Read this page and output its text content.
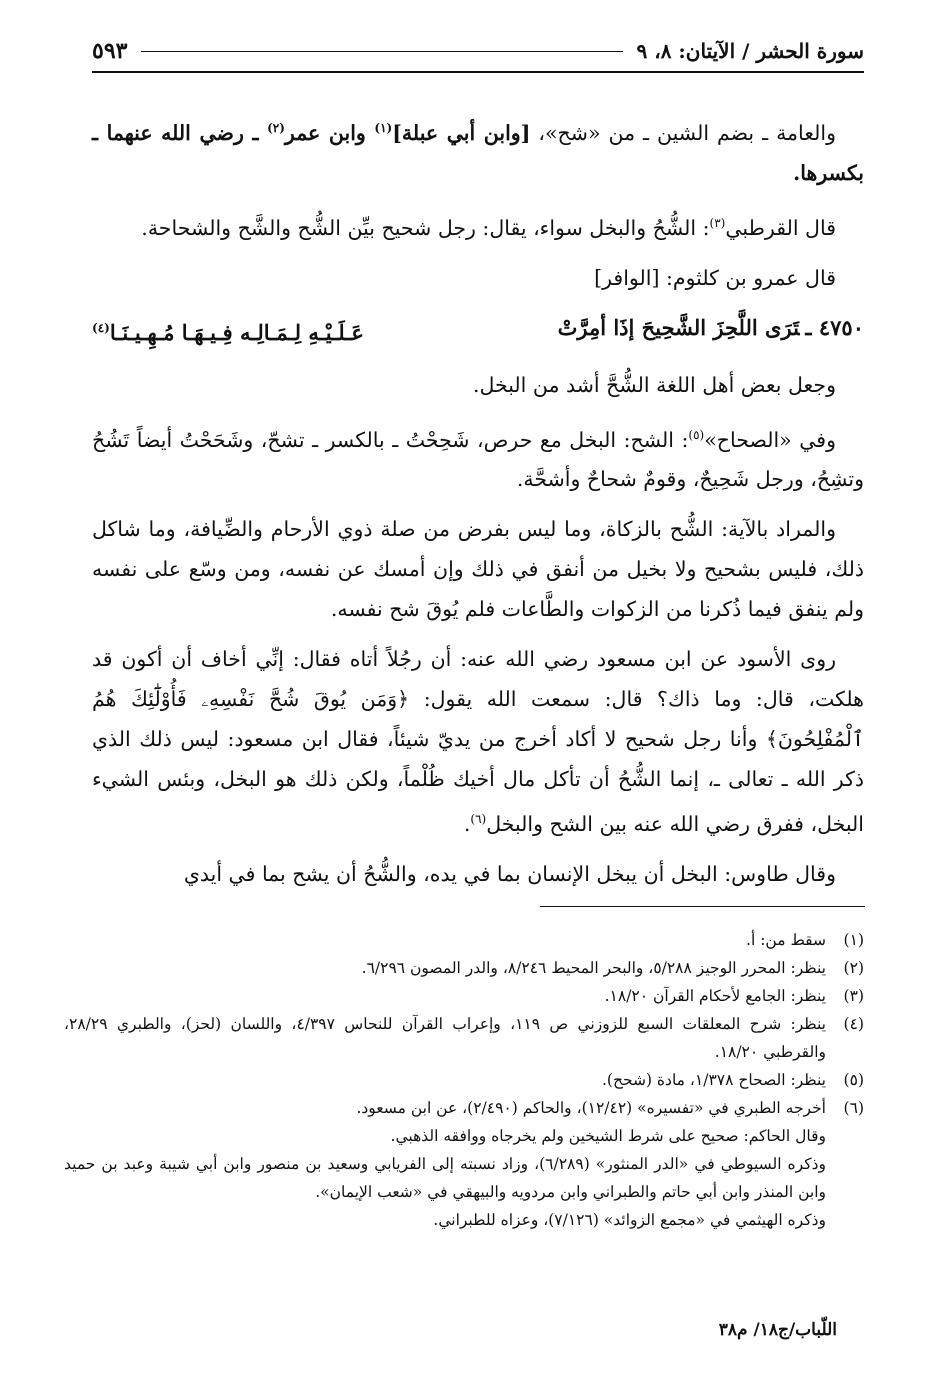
سورة الحشر / الآيتان: ٨، ٩
٥٩٣

والعامة ـ بضم الشين ـ من «شح»، [وابن أبي عبلة]$^{(١)}$ وابن عمر$^{(٢)}$ ـ رضي الله عنهما ـ بكسرها.

قال القرطبي$^{(٣)}$: الشُّحُ والبخل سواء، يقال: رجل شحيح بيِّن الشُّح والشَّح والشحاحة.

قال عمرو بن كلثوم: [الوافر]

٤٧٥٠ ـتَرَى اللَّحِزَ الشَّحِيحَ إذَا أمِرَّتْ
عَـلَـيْـهِ لِـمَـالِـه فِـيـهَـا مُـهِـيـنَـا$^{(٤)}$

وجعل بعض أهل اللغة الشُّحَّ أشد من البخل.

وفي «الصحاح»$^{(٥)}$: الشح: البخل مع حرص، شَحِحْتُ ـ بالكسر ـ تشحّ، وشَحَحْتُ أيضاً تَشُحُ وتشِحُ، ورجل شَحِيحٌ، وقومٌ شحاحٌ وأشحَّة.

والمراد بالآية: الشُّح بالزكاة، وما ليس بفرض من صلة ذوي الأرحام والضِّيافة، وما شاكل ذلك، فليس بشحيح ولا بخيل من أنفق في ذلك وإن أمسك عن نفسه، ومن وسّع على نفسه ولم ينفق فيما ذُكرنا من الزكوات والطَّاعات فلم يُوقَ شح نفسه.

روى الأسود عن ابن مسعود رضي الله عنه: أن رجُلاً أتاه فقال: إنِّي أخاف أن أكون قد هلكت، قال: وما ذاك؟ قال: سمعت الله يقول: ﴿وَمَن يُوقَ شُحَّ نَفْسِهِۦ فَأُوْلَٰٓئِكَ هُمُ ٱلْمُفْلِحُونَ﴾ وأنا رجل شحيح لا أكاد أخرج من يديّ شيئاً، فقال ابن مسعود: ليس ذلك الذي ذكر الله ـ تعالى ـ، إنما الشُّحُ أن تأكل مال أخيك ظُلْماً، ولكن ذلك هو البخل، وبئس الشيء البخل، ففرق رضي الله عنه بين الشح والبخل$^{(٦)}$.

وقال طاوس: البخل أن يبخل الإنسان بما في يده، والشُّحُ أن يشح بما في أيدي

(١)
سقط من: أ.
(٢)
ينظر: المحرر الوجيز ٥/٢٨٨، والبحر المحيط ٨/٢٤٦، والدر المصون ٦/٢٩٦.
(٣)
ينظر: الجامع لأحكام القرآن ١٨/٢٠.
(٤)
ينظر: شرح المعلقات السبع للزوزني ص ١١٩، وإعراب القرآن للنحاس ٤/٣٩٧، واللسان (لحز)، والطبري ٢٨/٢٩، والقرطبي ١٨/٢٠.
(٥)
ينظر: الصحاح ١/٣٧٨، مادة (شحح).
(٦)
أخرجه الطبري في «تفسيره» (١٢/٤٢)، والحاكم (٢/٤٩٠)، عن ابن مسعود.
وقال الحاكم: صحيح على شرط الشيخين ولم يخرجاه ووافقه الذهبي.
وذكره السيوطي في «الدر المنثور» (٦/٢٨٩)، وزاد نسبته إلى الفريابي وسعيد بن منصور وابن أبي شيبة وعبد بن حميد وابن المنذر وابن أبي حاتم والطبراني وابن مردويه والبيهقي في «شعب الإيمان».
وذكره الهيثمي في «مجمع الزوائد» (٧/١٢٦)، وعزاه للطبراني.
اللّباب/ج١٨/ م٣٨
